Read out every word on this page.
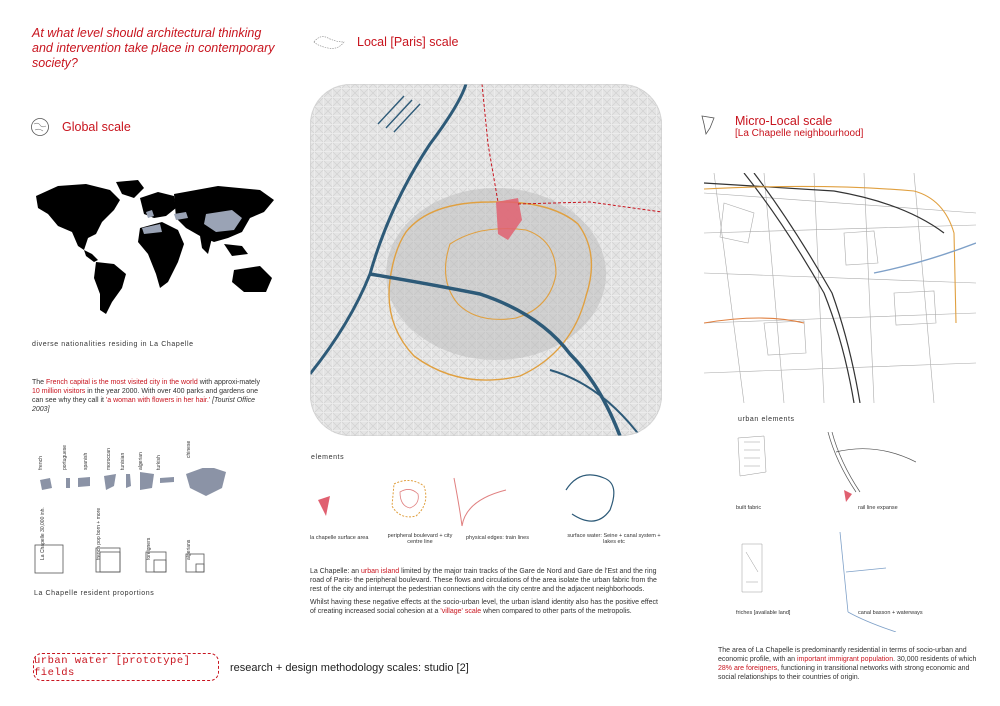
At what level should architectural thinking and intervention take place in contemporary society?
Global scale
diverse nationalities residing in La Chapelle

The French capital is the most visited city in the world with approxi-mately 10 million visitors in the year 2000. With over 400 parks and gardens one can see why they call it 'a woman with flowers in her hair.' [Tourist Office 2003]

french	portuguese	spanish	moroccan tunisian algerian turkish
chinese
La Chapelle 30,000 inh.	french pop born + more	foreigners	algerians
La Chapelle resident proportions
Local [Paris] scale
elements
la chapelle surface area	peripheral boulevard + city centre line
physical edges: train lines	surface water: Seine + canal system + lakes etc

La Chapelle: an urban island limited by the major train tracks of the Gare de Nord and Gare de l'Est and the ring road of Paris- the peripheral boulevard. These flows and circulations of the area isolate the urban fabric from the rest of the city and interrupt the pedestrian connections with the city centre and the adjacent neighborhoods.

Whilst having these negative effects at the socio-urban level, the urban island identity also has the positive effect of creating increased social cohesion at a 'village' scale when compared to other parts of the metropolis.

Micro-Local scale
[La Chapelle neighbourhood]
urban elements
built fabric	rail line expanse
friches [available land]	canal basson + waterways

The area of La Chapelle is predominantly residential in terms of socio-urban and economic profile, with an important immigrant population. 30,000 residents of which 28% are foreigners, functioning in transitional networks with strong economic and social relationships to their countries of origin.

urban water [prototype] fields	research + design methodology scales: studio [2]
